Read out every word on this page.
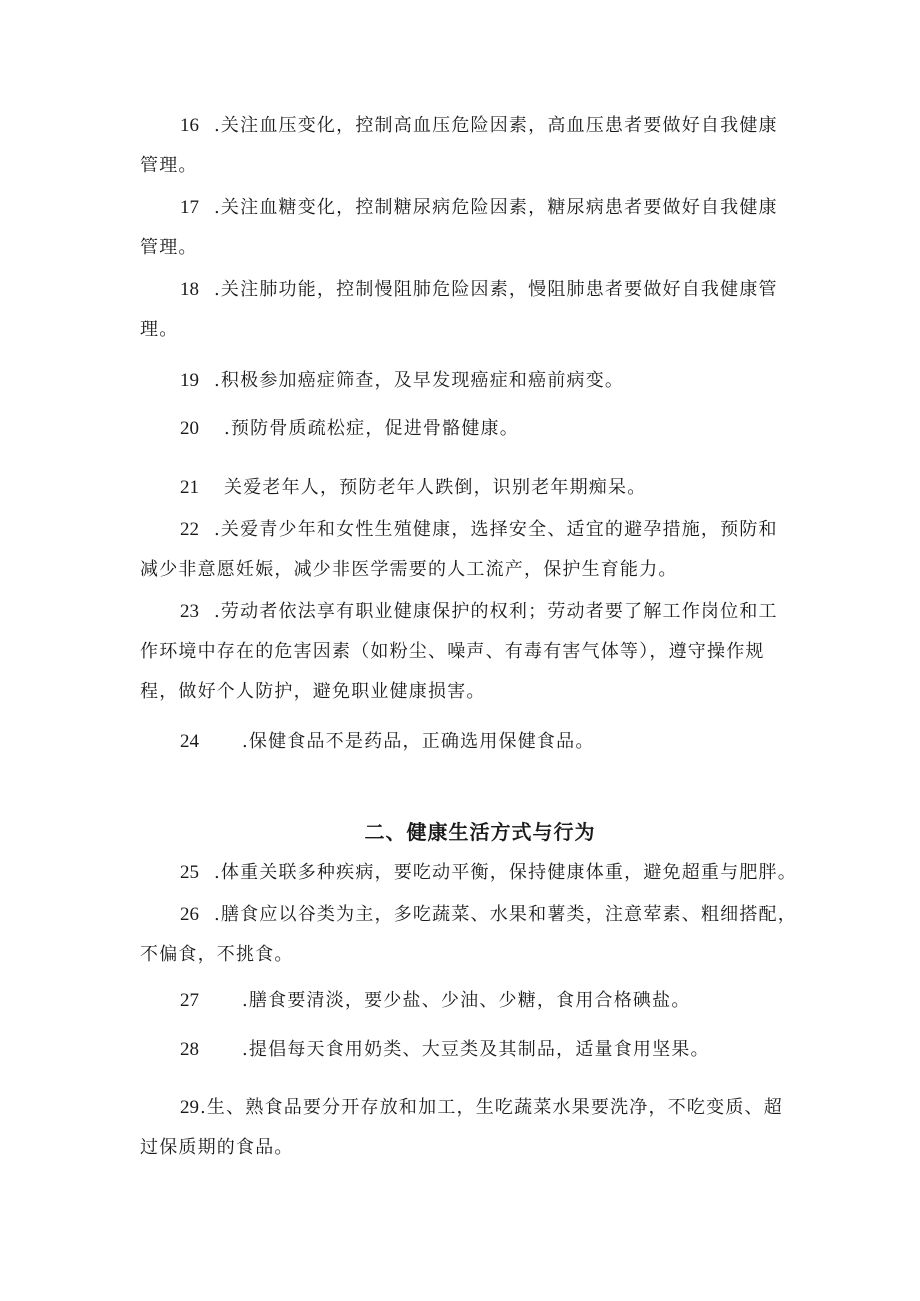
16 .关注血压变化，控制高血压危险因素，高血压患者要做好自我健康
管理。

17 .关注血糖变化，控制糖尿病危险因素，糖尿病患者要做好自我健康
管理。

18 .关注肺功能，控制慢阻肺危险因素，慢阻肺患者要做好自我健康管
理。

19 .积极参加癌症筛查，及早发现癌症和癌前病变。

20 .预防骨质疏松症，促进骨骼健康。

21 关爱老年人，预防老年人跌倒，识别老年期痴呆。

22 .关爱青少年和女性生殖健康，选择安全、适宜的避孕措施，预防和
减少非意愿妊娠，减少非医学需要的人工流产，保护生育能力。

23 .劳动者依法享有职业健康保护的权利；劳动者要了解工作岗位和工
作环境中存在的危害因素（如粉尘、噪声、有毒有害气体等），遵守操作规
程，做好个人防护，避免职业健康损害。

24 .保健食品不是药品，正确选用保健食品。

二、健康生活方式与行为

25 .体重关联多种疾病，要吃动平衡，保持健康体重，避免超重与肥胖。

26 .膳食应以谷类为主，多吃蔬菜、水果和薯类，注意荤素、粗细搭配，
不偏食，不挑食。

27 .膳食要清淡，要少盐、少油、少糖，食用合格碘盐。

28 .提倡每天食用奶类、大豆类及其制品，适量食用坚果。

29.生、熟食品要分开存放和加工，生吃蔬菜水果要洗净，不吃变质、超
过保质期的食品。
